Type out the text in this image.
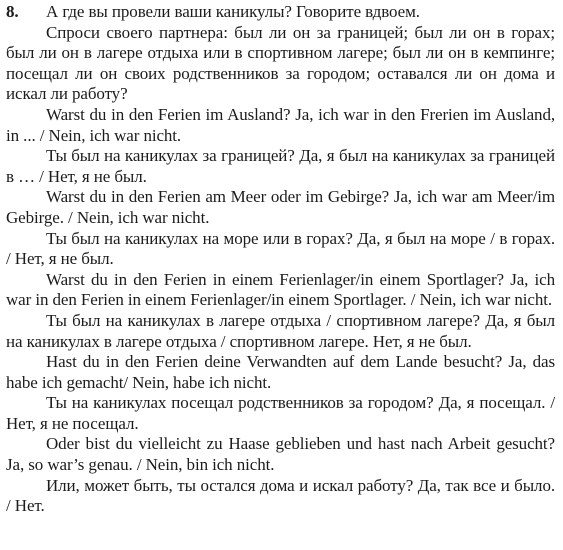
8.	А где вы провели ваши каникулы? Говорите вдвоем.

Спроси своего партнера: был ли он за границей; был ли он в горах; был ли он в лагере отдыха или в спортивном лагере; был ли он в кемпинге; посещал ли он своих родственников за городом; оставался ли он дома и искал ли работу?

Warst du in den Ferien im Ausland? Ja, ich war in den Frerien im Ausland, in ... / Nein, ich war nicht.

Ты был на каникулах за границей? Да, я был на каникулах за границей в … / Нет, я не был.

Warst du in den Ferien am Meer oder im Gebirge? Ja, ich war am Meer/im Gebirge. / Nein, ich war nicht.

Ты был на каникулах на море или в горах? Да, я был на море / в горах. / Нет, я не был.

Warst du in den Ferien in einem Ferienlager/in einem Sportlager? Ja, ich war in den Ferien in einem Ferienlager/in einem Sportlager. / Nein, ich war nicht.

Ты был на каникулах в лагере отдыха / спортивном лагере? Да, я был на каникулах в лагере отдыха / спортивном лагере. Нет, я не был.

Hast du in den Ferien deine Verwandten auf dem Lande besucht? Ja, das habe ich gemacht/ Nein, habe ich nicht.

Ты на каникулах посещал родственников за городом? Да, я посещал. / Нет, я не посещал.

Oder bist du vielleicht zu Haase geblieben und hast nach Arbeit gesucht? Ja, so war’s genau. / Nein, bin ich nicht.

Или, может быть, ты остался дома и искал работу? Да, так все и было. / Нет.
